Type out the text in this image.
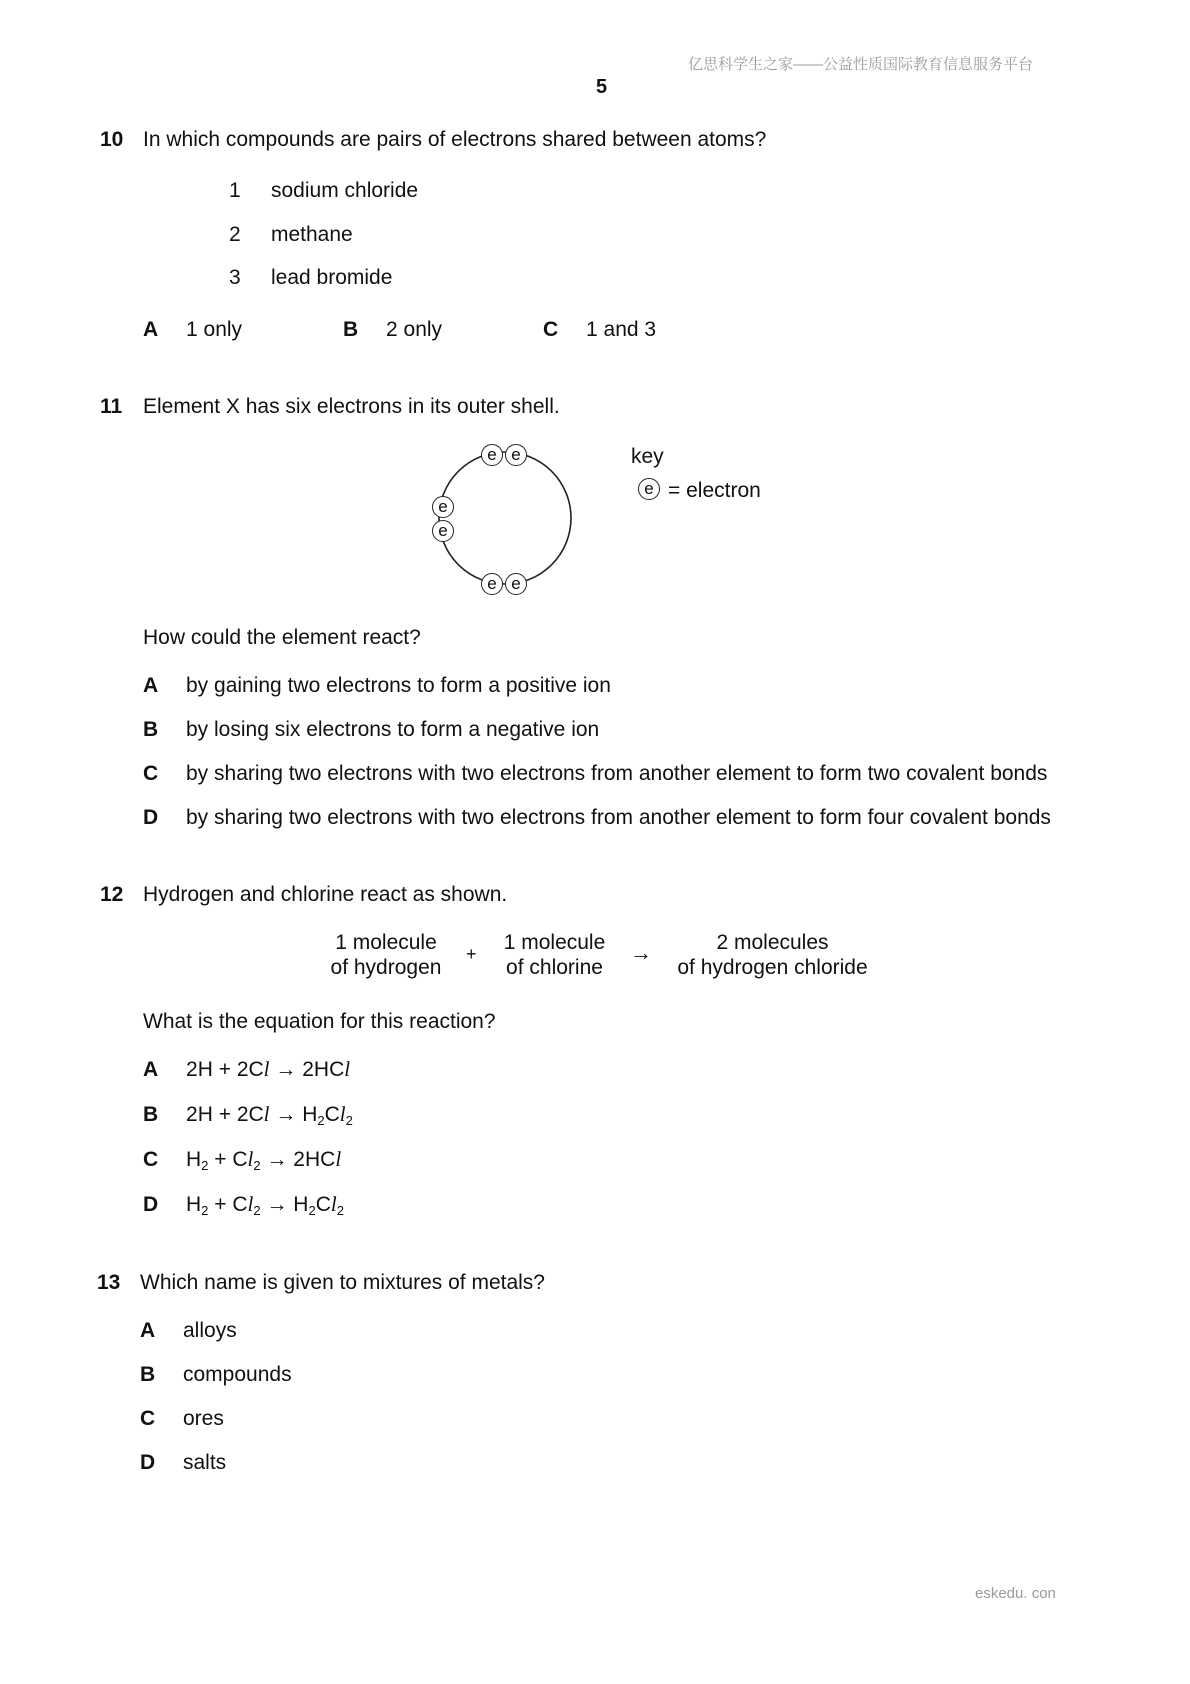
亿思科学生之家——公益性质国际教育信息服务平台
5
10 In which compounds are pairs of electrons shared between atoms?
1 sodium chloride
2 methane
3 lead bromide
A 1 only	B 2 only	C 1 and 3
11 Element X has six electrons in its outer shell.
e e
e
e
e e
key
e = electron
How could the element react?
A by gaining two electrons to form a positive ion
B by losing six electrons to form a negative ion
C by sharing two electrons with two electrons from another element to form two covalent bonds
D by sharing two electrons with two electrons from another element to form four covalent bonds
12 Hydrogen and chlorine react as shown.
1 molecule
of hydrogen
+	1 molecule
of chlorine
→	2 molecules
of hydrogen chloride
What is the equation for this reaction?
A 2H + 2Cl → 2HCl
B $2H + 2Cl \to H_2Cl_2$
C $H_2 + Cl_2 \to 2HCl$
D $H_2 + Cl_2 \to H_2Cl_2$
13 Which name is given to mixtures of metals?
A alloys
B compounds
C ores
D salts
eskedu. con
